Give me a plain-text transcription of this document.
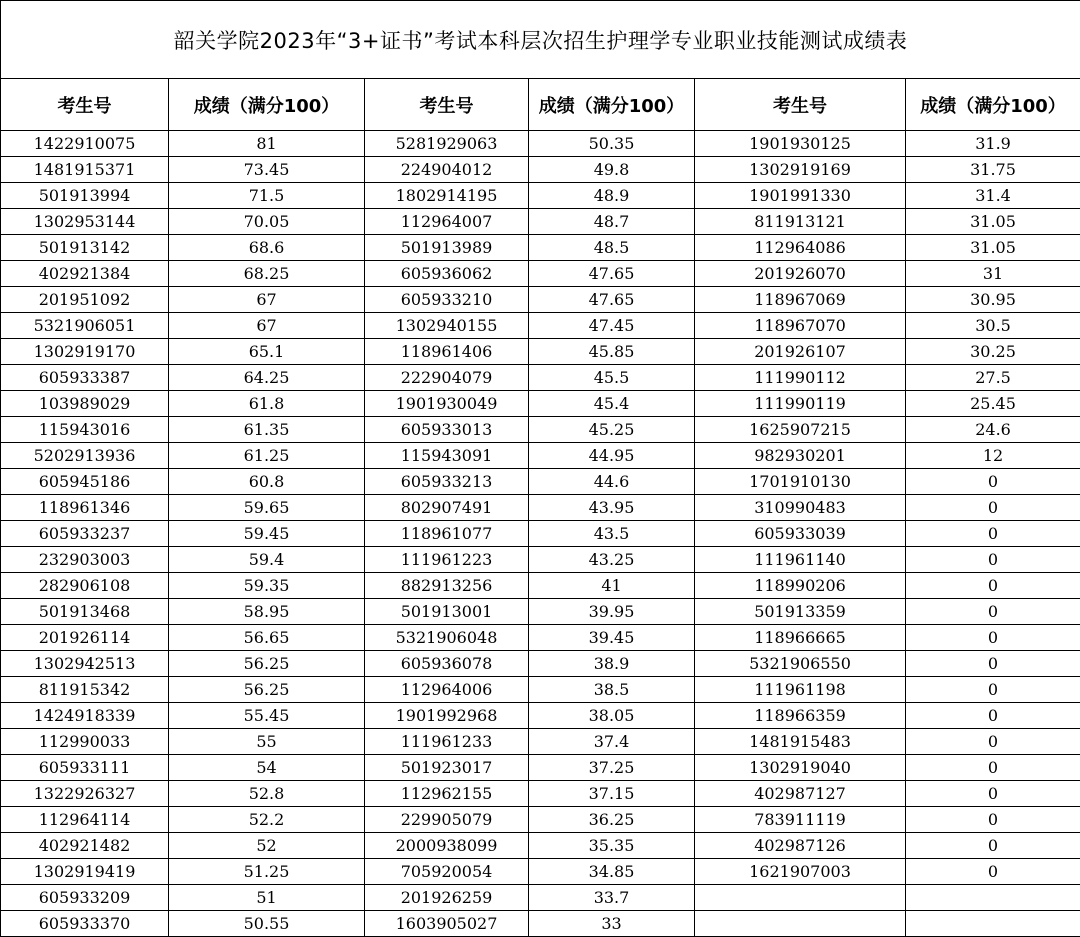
韶关学院2023年“3+证书”考试本科层次招生护理学专业职业技能测试成绩表					
考生号	成绩（满分100）	考生号	成绩（满分100）	考生号	成绩（满分100）
1422910075	81	5281929063	50.35	1901930125	31.9
1481915371	73.45	224904012	49.8	1302919169	31.75
501913994	71.5	1802914195	48.9	1901991330	31.4
1302953144	70.05	112964007	48.7	811913121	31.05
501913142	68.6	501913989	48.5	112964086	31.05
402921384	68.25	605936062	47.65	201926070	31
201951092	67	605933210	47.65	118967069	30.95
5321906051	67	1302940155	47.45	118967070	30.5
1302919170	65.1	118961406	45.85	201926107	30.25
605933387	64.25	222904079	45.5	111990112	27.5
103989029	61.8	1901930049	45.4	111990119	25.45
115943016	61.35	605933013	45.25	1625907215	24.6
5202913936	61.25	115943091	44.95	982930201	12
605945186	60.8	605933213	44.6	1701910130	0
118961346	59.65	802907491	43.95	310990483	0
605933237	59.45	118961077	43.5	605933039	0
232903003	59.4	111961223	43.25	111961140	0
282906108	59.35	882913256	41	118990206	0
501913468	58.95	501913001	39.95	501913359	0
201926114	56.65	5321906048	39.45	118966665	0
1302942513	56.25	605936078	38.9	5321906550	0
811915342	56.25	112964006	38.5	111961198	0
1424918339	55.45	1901992968	38.05	118966359	0
112990033	55	111961233	37.4	1481915483	0
605933111	54	501923017	37.25	1302919040	0
1322926327	52.8	112962155	37.15	402987127	0
112964114	52.2	229905079	36.25	783911119	0
402921482	52	2000938099	35.35	402987126	0
1302919419	51.25	705920054	34.85	1621907003	0
605933209	51	201926259	33.7		
605933370	50.55	1603905027	33		
